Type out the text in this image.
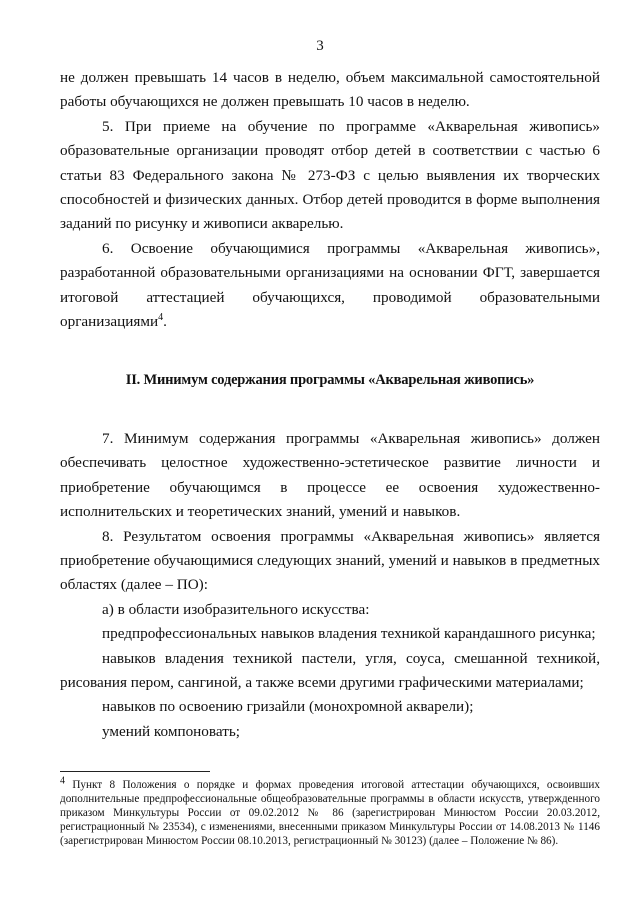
3

не должен превышать 14 часов в неделю, объем максимальной самостоятельной работы обучающихся не должен превышать 10 часов в неделю.

5. При приеме на обучение по программе «Акварельная живопись» образовательные организации проводят отбор детей в соответствии с частью 6 статьи 83 Федерального закона № 273-ФЗ с целью выявления их творческих способностей и физических данных. Отбор детей проводится в форме выполнения заданий по рисунку и живописи акварелью.

6. Освоение обучающимися программы «Акварельная живопись», разработанной образовательными организациями на основании ФГТ, завершается итоговой аттестацией обучающихся, проводимой образовательными организациями$^4$.

II. Минимум содержания программы «Акварельная живопись»

7. Минимум содержания программы «Акварельная живопись» должен обеспечивать целостное художественно-эстетическое развитие личности и приобретение обучающимся в процессе ее освоения художественно-исполнительских и теоретических знаний, умений и навыков.

8. Результатом освоения программы «Акварельная живопись» является приобретение обучающимися следующих знаний, умений и навыков в предметных областях (далее – ПО):

а) в области изобразительного искусства:

предпрофессиональных навыков владения техникой карандашного рисунка;

навыков владения техникой пастели, угля, соуса, смешанной техникой, рисования пером, сангиной, а также всеми другими графическими материалами;

навыков по освоению гризайли (монохромной акварели);

умений компоновать;

$^4$ Пункт 8 Положения о порядке и формах проведения итоговой аттестации обучающихся, освоивших дополнительные предпрофессиональные общеобразовательные программы в области искусств, утвержденного приказом Минкультуры России от 09.02.2012 № 86 (зарегистрирован Минюстом России 20.03.2012, регистрационный № 23534), с изменениями, внесенными приказом Минкультуры России от 14.08.2013 № 1146 (зарегистрирован Минюстом России 08.10.2013, регистрационный № 30123) (далее – Положение № 86).
